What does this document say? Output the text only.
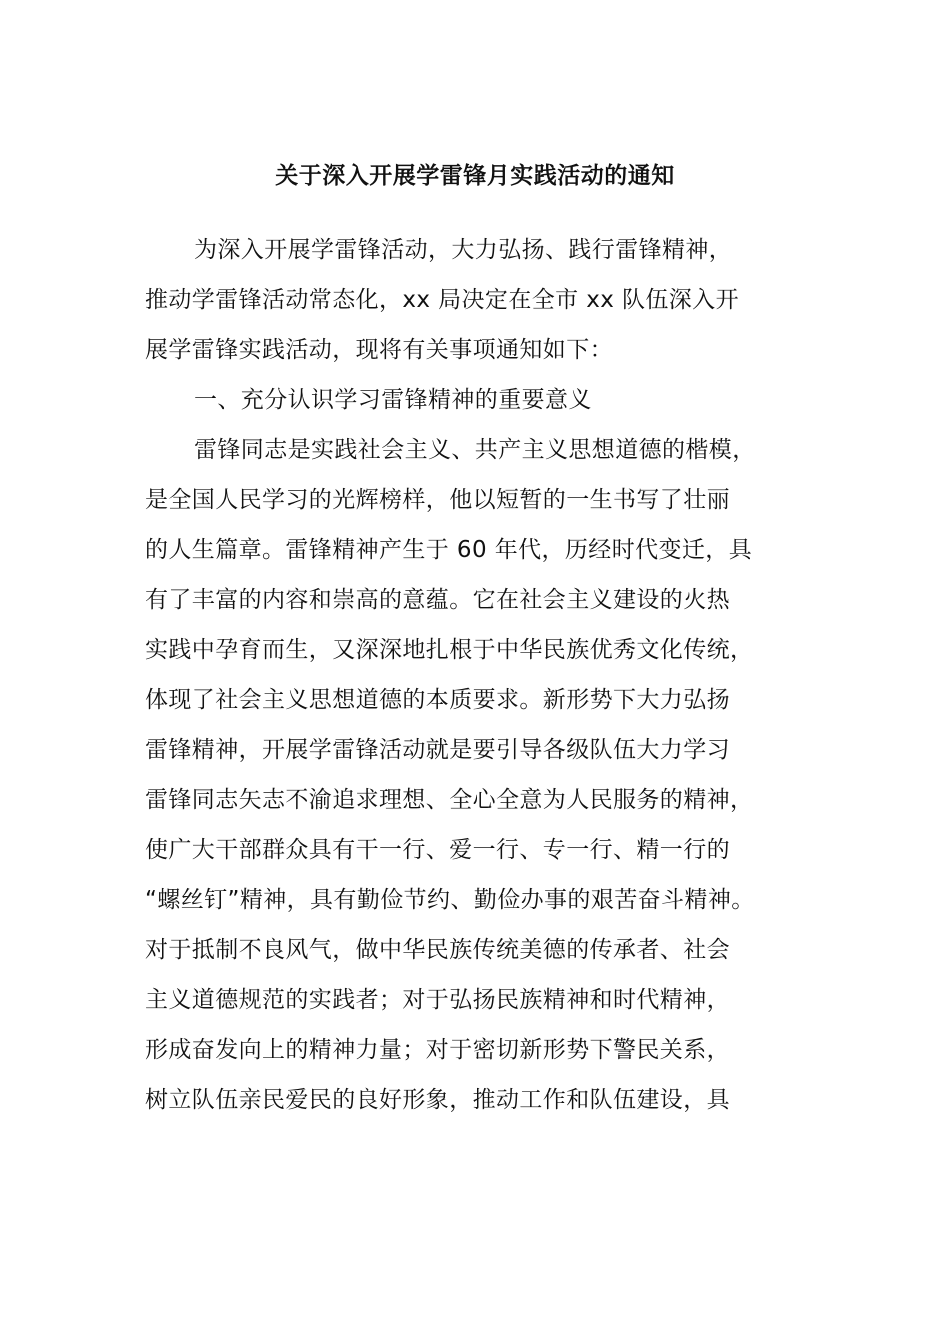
关于深入开展学雷锋月实践活动的通知
为深入开展学雷锋活动，大力弘扬、践行雷锋精神，
推动学雷锋活动常态化，xx 局决定在全市 xx 队伍深入开
展学雷锋实践活动，现将有关事项通知如下：
一、充分认识学习雷锋精神的重要意义
雷锋同志是实践社会主义、共产主义思想道德的楷模，
是全国人民学习的光辉榜样，他以短暂的一生书写了壮丽
的人生篇章。雷锋精神产生于 60 年代，历经时代变迁，具
有了丰富的内容和崇高的意蕴。它在社会主义建设的火热
实践中孕育而生，又深深地扎根于中华民族优秀文化传统，
体现了社会主义思想道德的本质要求。新形势下大力弘扬
雷锋精神，开展学雷锋活动就是要引导各级队伍大力学习
雷锋同志矢志不渝追求理想、全心全意为人民服务的精神，
使广大干部群众具有干一行、爱一行、专一行、精一行的
“螺丝钉”精神，具有勤俭节约、勤俭办事的艰苦奋斗精神。
对于抵制不良风气，做中华民族传统美德的传承者、社会
主义道德规范的实践者；对于弘扬民族精神和时代精神，
形成奋发向上的精神力量；对于密切新形势下警民关系，
树立队伍亲民爱民的良好形象，推动工作和队伍建设，具
